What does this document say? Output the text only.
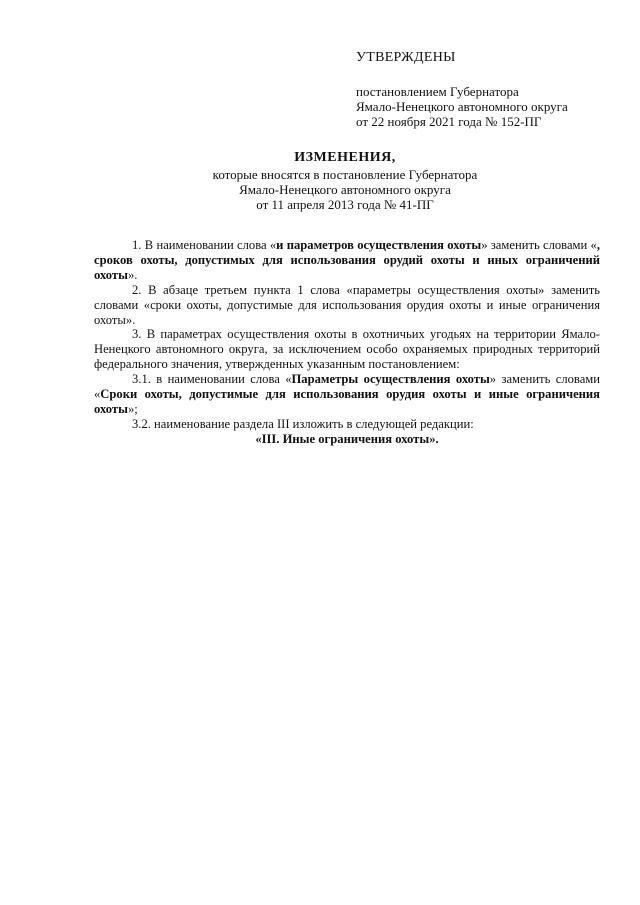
УТВЕРЖДЕНЫ
постановлением Губернатора
Ямало-Ненецкого автономного округа
от 22 ноября 2021 года № 152-ПГ
ИЗМЕНЕНИЯ,
которые вносятся в постановление Губернатора
Ямало-Ненецкого автономного округа
от 11 апреля 2013 года № 41-ПГ

1. В наименовании слова «и параметров осуществления охоты» заменить словами «, сроков охоты, допустимых для использования орудий охоты и иных ограничений охоты».

2. В абзаце третьем пункта 1 слова «параметры осуществления охоты» заменить словами «сроки охоты, допустимые для использования орудия охоты и иные ограничения охоты».

3. В параметрах осуществления охоты в охотничьих угодьях на территории Ямало-Ненецкого автономного округа, за исключением особо охраняемых природных территорий федерального значения, утвержденных указанным постановлением:

3.1. в наименовании слова «Параметры осуществления охоты» заменить словами «Сроки охоты, допустимые для использования орудия охоты и иные ограничения охоты»;

3.2. наименование раздела III изложить в следующей редакции:

«III. Иные ограничения охоты».
